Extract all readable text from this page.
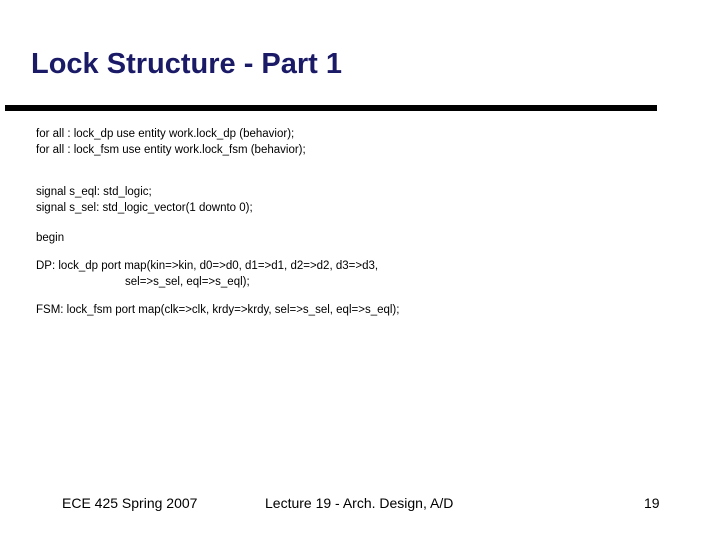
Lock Structure - Part 1
for all : lock_dp use entity work.lock_dp (behavior);
for all : lock_fsm use entity work.lock_fsm (behavior);
signal s_eql: std_logic;
signal s_sel: std_logic_vector(1 downto 0);
begin
DP: lock_dp port map(kin=>kin, d0=>d0, d1=>d1, d2=>d2, d3=>d3,
sel=>s_sel, eql=>s_eql);
FSM: lock_fsm port map(clk=>clk, krdy=>krdy, sel=>s_sel, eql=>s_eql);
ECE 425 Spring 2007	Lecture 19 - Arch. Design, A/D	19
